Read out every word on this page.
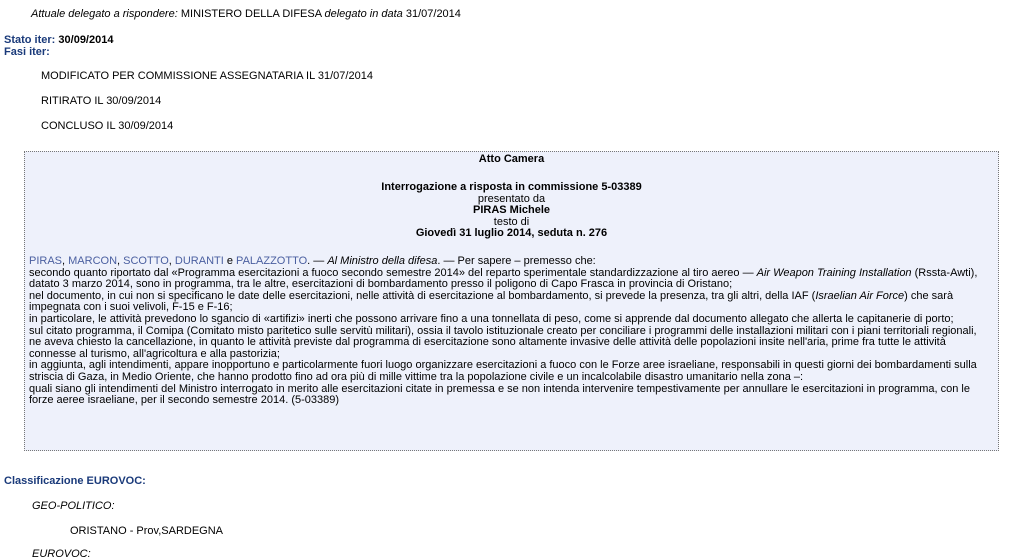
Attuale delegato a rispondere: MINISTERO DELLA DIFESA delegato in data 31/07/2014
Stato iter: 30/09/2014
Fasi iter:
MODIFICATO PER COMMISSIONE ASSEGNATARIA IL 31/07/2014
RITIRATO IL 30/09/2014
CONCLUSO IL 30/09/2014
Atto Camera
Interrogazione a risposta in commissione 5-03389
presentato da
PIRAS Michele
testo di
Giovedì 31 luglio 2014, seduta n. 276

PIRAS, MARCON, SCOTTO, DURANTI e PALAZZOTTO. — Al Ministro della difesa. — Per sapere – premesso che:

secondo quanto riportato dal «Programma esercitazioni a fuoco secondo semestre 2014» del reparto sperimentale standardizzazione al tiro aereo — Air Weapon Training Installation (Rssta-Awti), datato 3 marzo 2014, sono in programma, tra le altre, esercitazioni di bombardamento presso il poligono di Capo Frasca in provincia di Oristano;

nel documento, in cui non si specificano le date delle esercitazioni, nelle attività di esercitazione al bombardamento, si prevede la presenza, tra gli altri, della IAF (Israelian Air Force) che sarà impegnata con i suoi velivoli, F-15 e F-16;

in particolare, le attività prevedono lo sgancio di «artifizi» inerti che possono arrivare fino a una tonnellata di peso, come si apprende dal documento allegato che allerta le capitanerie di porto;

sul citato programma, il Comipa (Comitato misto paritetico sulle servitù militari), ossia il tavolo istituzionale creato per conciliare i programmi delle installazioni militari con i piani territoriali regionali, ne aveva chiesto la cancellazione, in quanto le attività previste dal programma di esercitazione sono altamente invasive delle attività delle popolazioni insite nell'aria, prime fra tutte le attività connesse al turismo, all'agricoltura e alla pastorizia;

in aggiunta, agli intendimenti, appare inopportuno e particolarmente fuori luogo organizzare esercitazioni a fuoco con le Forze aree israeliane, responsabili in questi giorni dei bombardamenti sulla striscia di Gaza, in Medio Oriente, che hanno prodotto fino ad ora più di mille vittime tra la popolazione civile e un incalcolabile disastro umanitario nella zona –:

quali siano gli intendimenti del Ministro interrogato in merito alle esercitazioni citate in premessa e se non intenda intervenire tempestivamente per annullare le esercitazioni in programma, con le forze aeree israeliane, per il secondo semestre 2014. (5-03389)

Classificazione EUROVOC:
GEO-POLITICO:
ORISTANO - Prov,SARDEGNA
EUROVOC:
